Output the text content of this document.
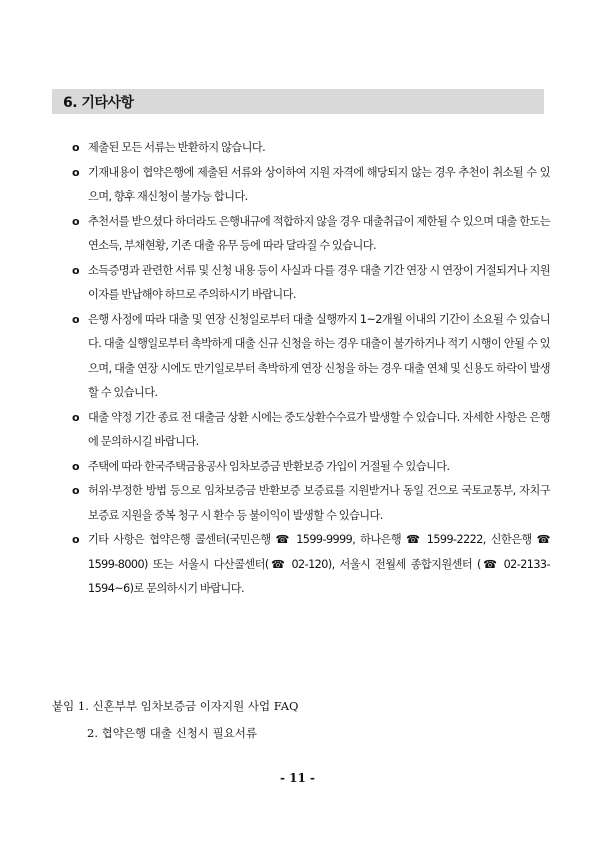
6. 기타사항
ο 제출된 모든 서류는 반환하지 않습니다.
ο 기재내용이 협약은행에 제출된 서류와 상이하여 지원 자격에 해당되지 않는 경우 추천이 취소될 수 있으며, 향후 재신청이 불가능 합니다.
ο 추천서를 받으셨다 하더라도 은행내규에 적합하지 않을 경우 대출취급이 제한될 수 있으며 대출 한도는 연소득, 부채현황, 기존 대출 유무 등에 따라 달라질 수 있습니다.
ο 소득증명과 관련한 서류 및 신청 내용 등이 사실과 다를 경우 대출 기간 연장 시 연장이 거절되거나 지원 이자를 반납해야 하므로 주의하시기 바랍니다.
ο 은행 사정에 따라 대출 및 연장 신청일로부터 대출 실행까지 1~2개월 이내의 기간이 소요될 수 있습니다. 대출 실행일로부터 촉박하게 대출 신규 신청을 하는 경우 대출이 불가하거나 적기 시행이 안될 수 있으며, 대출 연장 시에도 만기일로부터 촉박하게 연장 신청을 하는 경우 대출 연체 및 신용도 하락이 발생할 수 있습니다.
ο 대출 약정 기간 종료 전 대출금 상환 시에는 중도상환수수료가 발생할 수 있습니다. 자세한 사항은 은행에 문의하시길 바랍니다.
ο 주택에 따라 한국주택금융공사 임차보증금 반환보증 가입이 거절될 수 있습니다.
ο 허위·부정한 방법 등으로 임차보증금 반환보증 보증료를 지원받거나 동일 건으로 국토교통부, 자치구 보증료 지원을 중복 청구 시 환수 등 불이익이 발생할 수 있습니다.
ο 기타 사항은 협약은행 콜센터(국민은행 ☎ 1599-9999, 하나은행 ☎ 1599-2222, 신한은행 ☎ 1599-8000) 또는 서울시 다산콜센터(☎ 02-120), 서울시 전월세 종합지원센터 (☎ 02-2133-1594~6)로 문의하시기 바랍니다.
붙임 1. 신혼부부 임차보증금 이자지원 사업 FAQ
2. 협약은행 대출 신청시 필요서류
- 11 -
